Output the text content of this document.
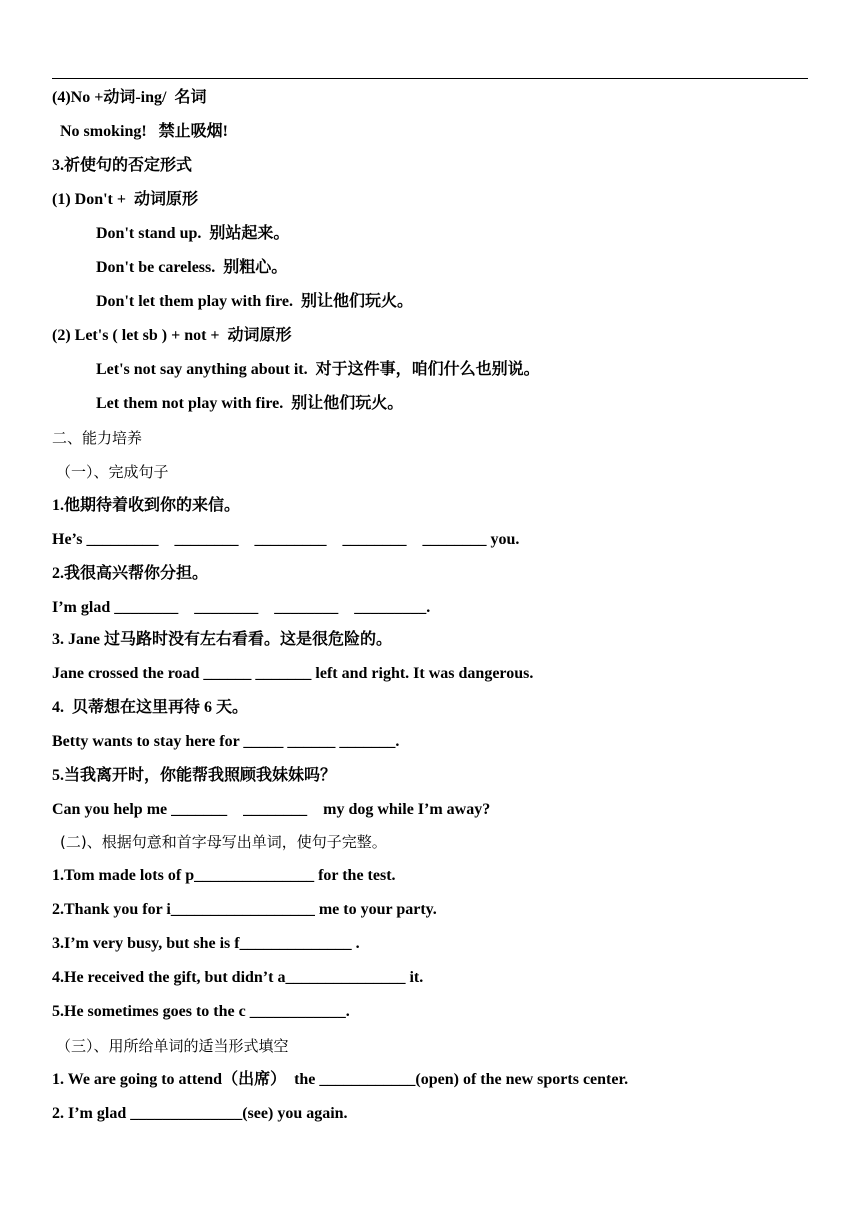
(4)No +动词-ing/  名词
No smoking!   禁止吸烟!
3.祈使句的否定形式
(1) Don't +  动词原形
Don't stand up.  别站起来。
Don't be careless.  别粗心。
Don't let them play with fire.  别让他们玩火。
(2) Let's ( let sb ) + not +  动词原形
Let's not say anything about it.  对于这件事，咱们什么也别说。
Let them not play with fire.  别让他们玩火。
二、能力培养
（一）、完成句子
1.他期待着收到你的来信。
He’s _________    ________    _________    ________    ________ you.
2.我很高兴帮你分担。
I’m glad ________    ________    ________    _________.
3. Jane 过马路时没有左右看看。这是很危险的。
Jane crossed the road ______ _______ left and right. It was dangerous.
4.  贝蒂想在这里再待 6 天。
Betty wants to stay here for _____ ______ _______.
5.当我离开时，你能帮我照顾我妹妹吗？
Can you help me _______    ________    my dog while I’m away?
(二)、根据句意和首字母写出单词，使句子完整。
1.Tom made lots of p_______________ for the test.
2.Thank you for i__________________ me to your party.
3.I’m very busy, but she is f______________ .
4.He received the gift, but didn’t a_______________ it.
5.He sometimes goes to the c ____________.
（三）、用所给单词的适当形式填空
1. We are going to attend（出席）  the ____________(open) of the new sports center.
2. I’m glad ______________(see) you again.
